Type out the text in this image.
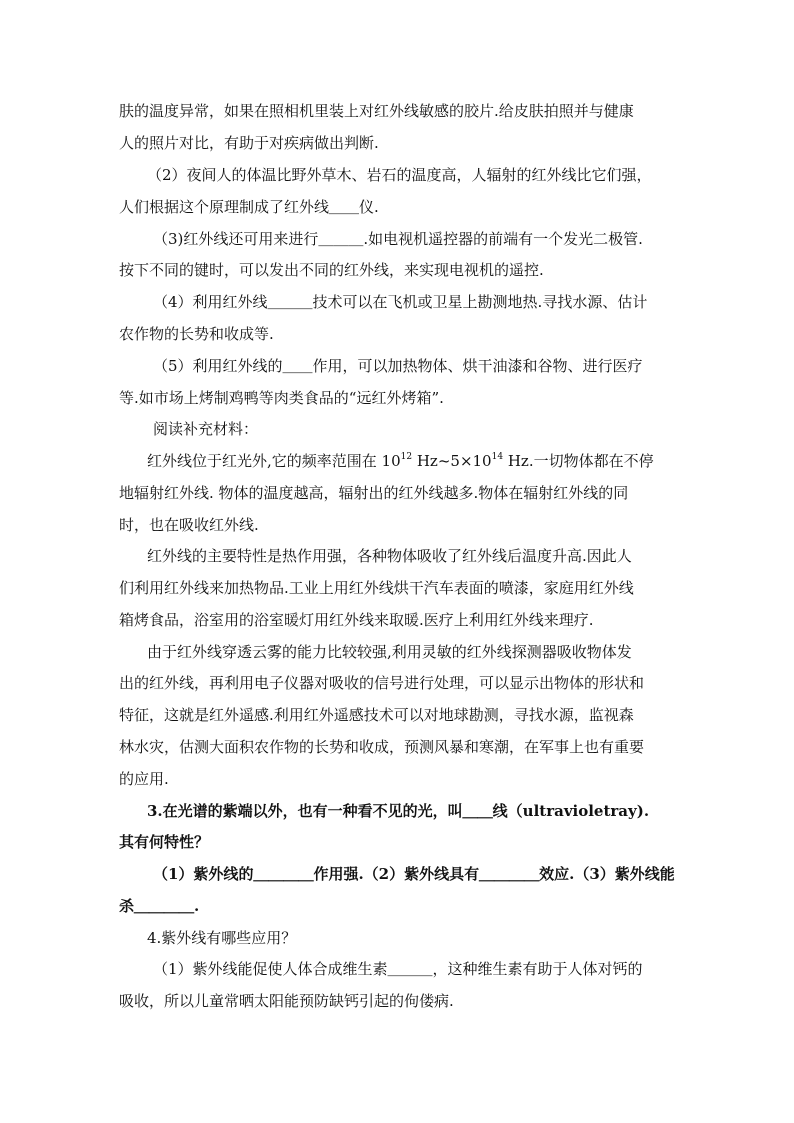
肤的温度异常，如果在照相机里装上对红外线敏感的胶片.给皮肤拍照并与健康
人的照片对比，有助于对疾病做出判断.
（2）夜间人的体温比野外草木、岩石的温度高，人辐射的红外线比它们强，
人们根据这个原理制成了红外线＿＿仪.
（3)红外线还可用来进行＿＿＿.如电视机遥控器的前端有一个发光二极管.
按下不同的键时，可以发出不同的红外线，来实现电视机的遥控.
（4）利用红外线＿＿＿技术可以在飞机或卫星上勘测地热.寻找水源、估计
农作物的长势和收成等.
（5）利用红外线的＿＿作用，可以加热物体、烘干油漆和谷物、进行医疗
等.如市场上烤制鸡鸭等肉类食品的“远红外烤箱”.
阅读补充材料：
红外线位于红光外,它的频率范围在 $10^{12}$ $Hz\sim 5\times 10^{14}$ Hz.一切物体都在不停
地辐射红外线. 物体的温度越高，辐射出的红外线越多.物体在辐射红外线的同
时，也在吸收红外线.
红外线的主要特性是热作用强，各种物体吸收了红外线后温度升高.因此人
们利用红外线来加热物品.工业上用红外线烘干汽车表面的喷漆，家庭用红外线
箱烤食品，浴室用的浴室暖灯用红外线来取暖.医疗上利用红外线来理疗.
由于红外线穿透云雾的能力比较较强,利用灵敏的红外线探测器吸收物体发
出的红外线，再利用电子仪器对吸收的信号进行处理，可以显示出物体的形状和
特征，这就是红外遥感.利用红外遥感技术可以对地球勘测，寻找水源，监视森
林水灾，估测大面积农作物的长势和收成，预测风暴和寒潮，在军事上也有重要
的应用.
3.在光谱的紫端以外，也有一种看不见的光，叫＿＿线（ultravioletray).
其有何特性？
（1）紫外线的＿＿＿＿作用强.（2）紫外线具有＿＿＿＿效应.（3）紫外线能
杀＿＿＿＿.
4.紫外线有哪些应用？
（1）紫外线能促使人体合成维生素＿＿＿，这种维生素有助于人体对钙的
吸收，所以儿童常晒太阳能预防缺钙引起的佝偻病.
